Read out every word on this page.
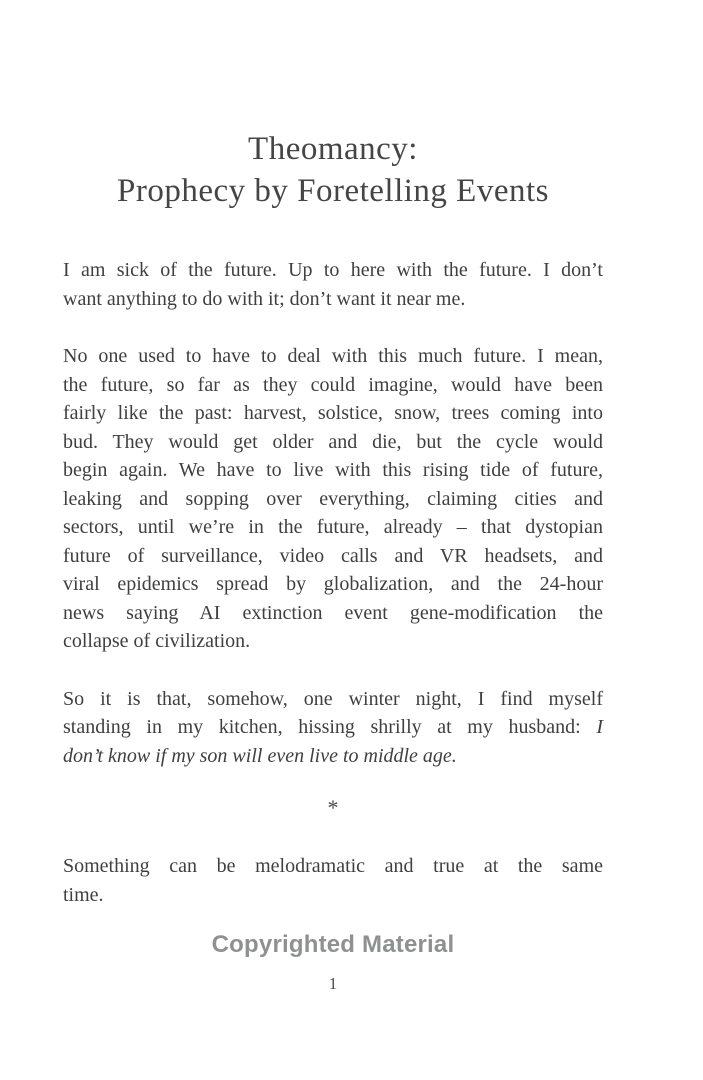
Theomancy:
Prophecy by Foretelling Events
I am sick of the future. Up to here with the future. I don’t
want anything to do with it; don’t want it near me.
No one used to have to deal with this much future. I mean,
the future, so far as they could imagine, would have been
fairly like the past: harvest, solstice, snow, trees coming into
bud. They would get older and die, but the cycle would
begin again. We have to live with this rising tide of future,
leaking and sopping over everything, claiming cities and
sectors, until we’re in the future, already – that dystopian
future of surveillance, video calls and VR headsets, and
viral epidemics spread by globalization, and the 24-hour
news saying AI extinction event gene-modification the
collapse of civilization.
So it is that, somehow, one winter night, I find myself
standing in my kitchen, hissing shrilly at my husband: I
don’t know if my son will even live to middle age.
*
Something can be melodramatic and true at the same
time.
Copyrighted Material
1
